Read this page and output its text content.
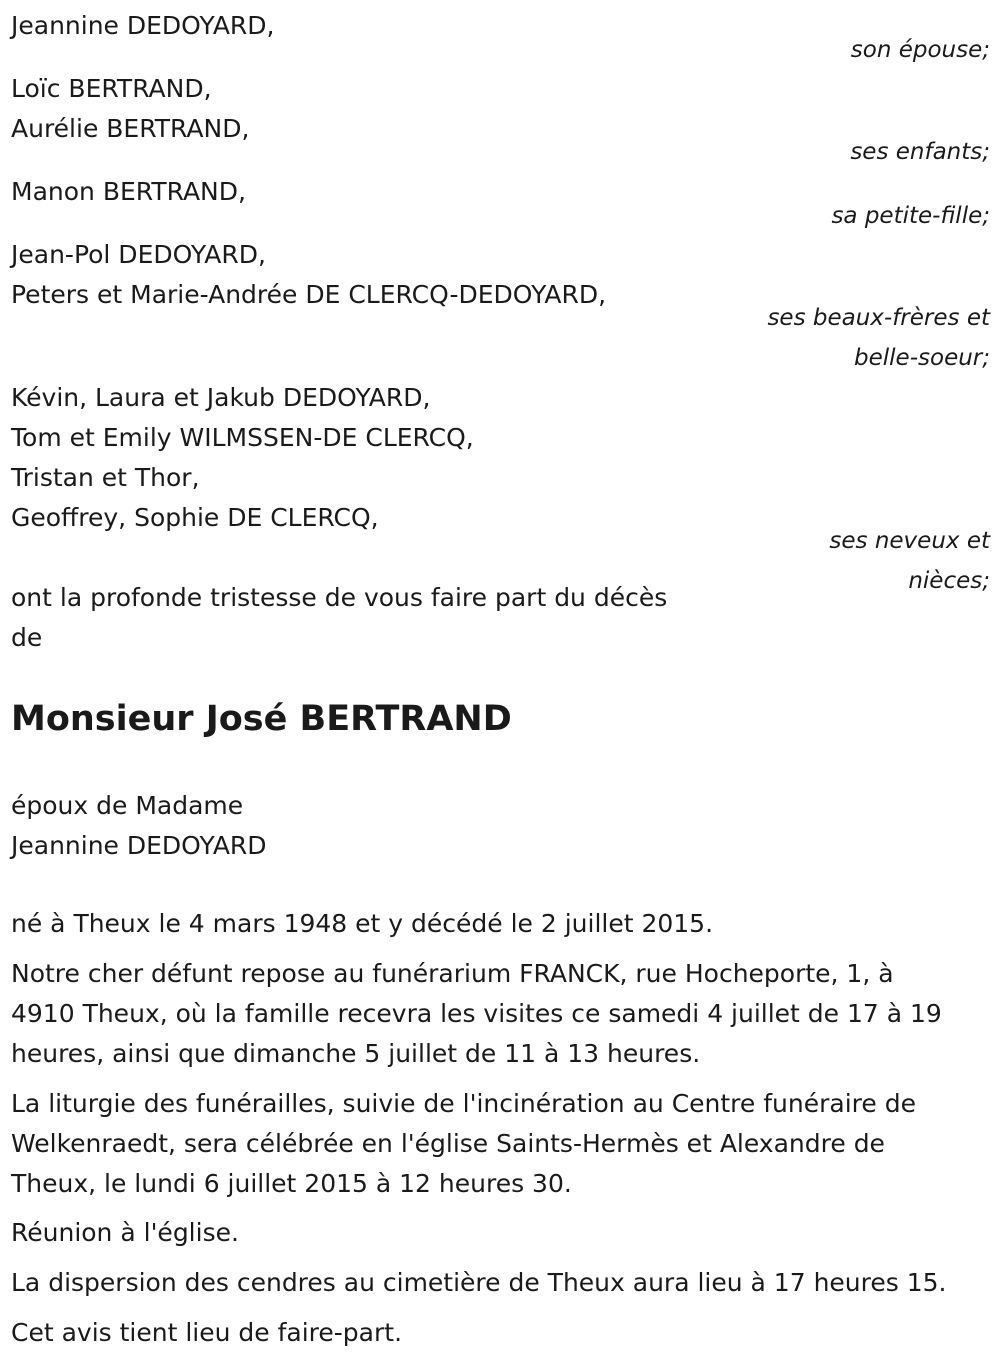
Jeannine DEDOYARD,
son épouse;
Loïc BERTRAND,
Aurélie BERTRAND,
ses enfants;
Manon BERTRAND,
sa petite-fille;
Jean-Pol DEDOYARD,
Peters et Marie-Andrée DE CLERCQ-DEDOYARD,
ses beaux-frères et
belle-soeur;
Kévin, Laura et Jakub DEDOYARD,
Tom et Emily WILMSSEN-DE CLERCQ,
Tristan et Thor,
Geoffrey, Sophie DE CLERCQ,
ses neveux et
nièces;
ont la profonde tristesse de vous faire part du décès
de
Monsieur José BERTRAND
époux de Madame
Jeannine DEDOYARD
né à Theux le 4 mars 1948 et y décédé le 2 juillet 2015.
Notre cher défunt repose au funérarium FRANCK, rue Hocheporte, 1, à
4910 Theux, où la famille recevra les visites ce samedi 4 juillet de 17 à 19
heures, ainsi que dimanche 5 juillet de 11 à 13 heures.
La liturgie des funérailles, suivie de l'incinération au Centre funéraire de
Welkenraedt, sera célébrée en l'église Saints-Hermès et Alexandre de
Theux, le lundi 6 juillet 2015 à 12 heures 30.
Réunion à l'église.
La dispersion des cendres au cimetière de Theux aura lieu à 17 heures 15.
Cet avis tient lieu de faire-part.
